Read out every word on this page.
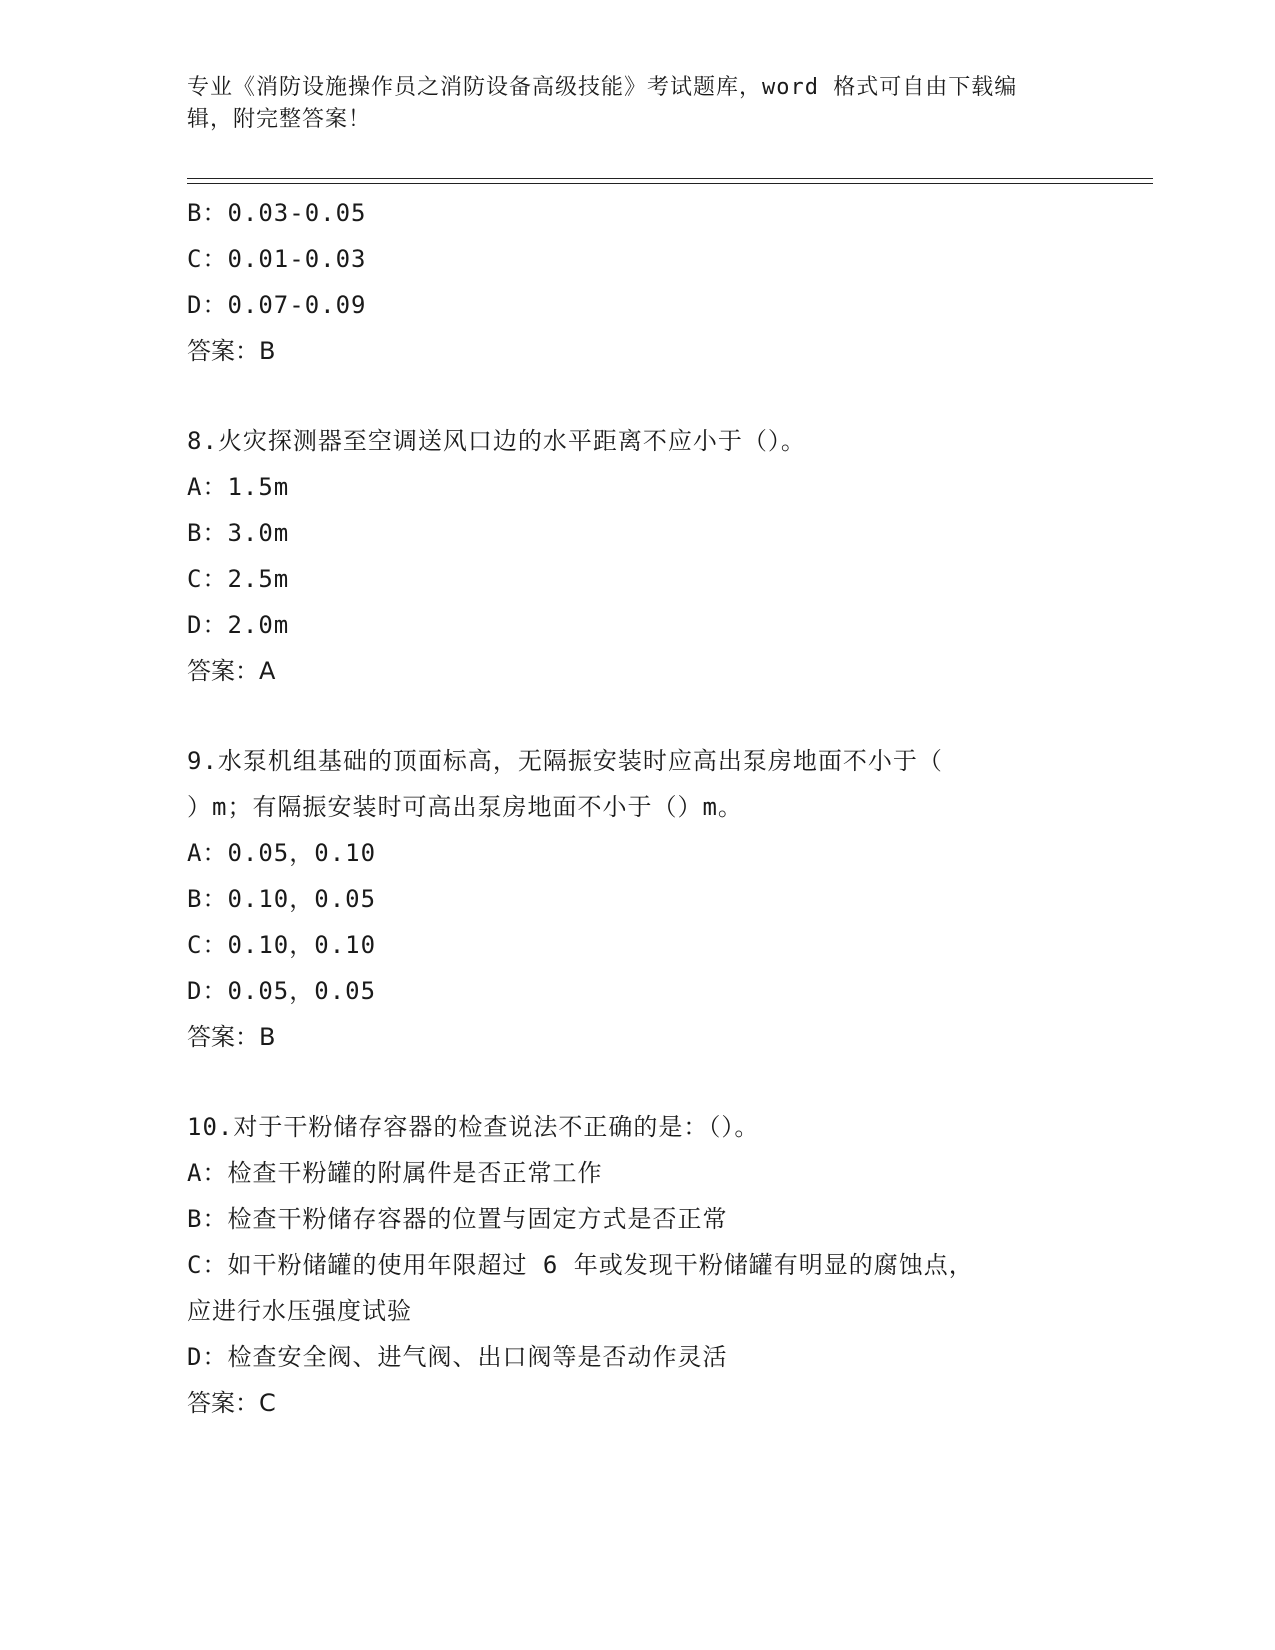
专业《消防设施操作员之消防设备高级技能》考试题库，word 格式可自由下载编
辑，附完整答案！
B：0.03-0.05
C：0.01-0.03
D：0.07-0.09
答案：B
8.火灾探测器至空调送风口边的水平距离不应小于（）。
A：1.5m
B：3.0m
C：2.5m
D：2.0m
答案：A
9.水泵机组基础的顶面标高，无隔振安装时应高出泵房地面不小于（
）m；有隔振安装时可高出泵房地面不小于（）m。
A：0.05，0.10
B：0.10，0.05
C：0.10，0.10
D：0.05，0.05
答案：B
10.对于干粉储存容器的检查说法不正确的是：（）。
A：检查干粉罐的附属件是否正常工作
B：检查干粉储存容器的位置与固定方式是否正常
C：如干粉储罐的使用年限超过 6 年或发现干粉储罐有明显的腐蚀点，
应进行水压强度试验
D：检查安全阀、进气阀、出口阀等是否动作灵活
答案：C
